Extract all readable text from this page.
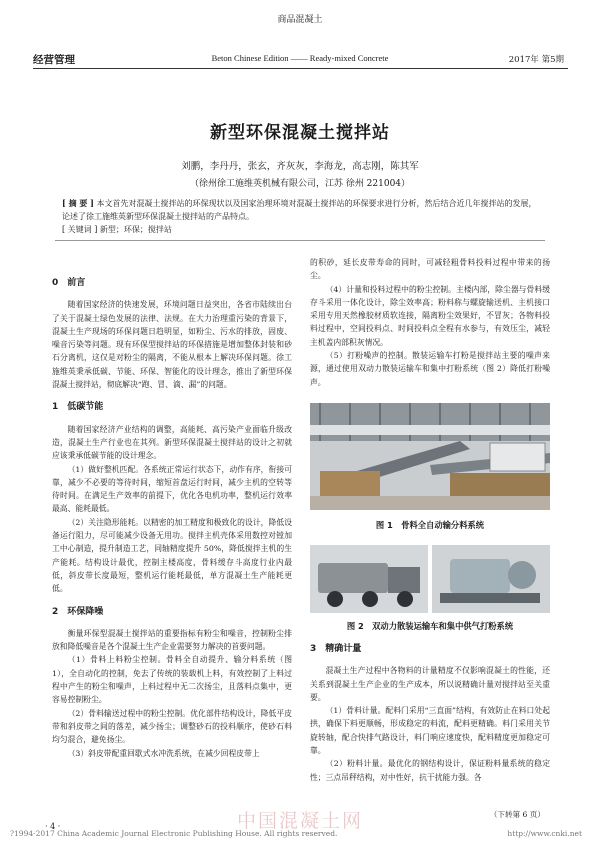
商品混凝土
经营管理	Beton Chinese Edition —— Ready-mixed Concrete	2017年 第5期
新型环保混凝土搅拌站
刘鹏，李丹丹，张玄，齐灰灰，李海龙，高志刚，陈其军
（徐州徐工施维英机械有限公司，江苏 徐州 221004）
[ 摘 要 ] 本文首先对混凝土搅拌站的环保现状以及国家治理环境对混凝土搅拌站的环保要求进行分析，然后结合近几年搅拌站的发展，论述了徐工施维英新型环保混凝土搅拌站的产品特点。
[ 关键词 ] 新型；环保；搅拌站
0　前言

随着国家经济的快速发展，环境问题日益突出，各省市陆续出台了关于混凝土绿色发展的法律、法规。在大力治理重污染的背景下，混凝土生产现场的环保问题日趋明显，如粉尘、污水的排放，固废、噪音污染等问题。现有环保型搅拌站的环保措施是增加整体封装和砂石分离机，这仅是对粉尘的隔离，不能从根本上解决环保问题。徐工施维英秉承低碳、节能、环保、智能化的设计理念，推出了新型环保混凝土搅拌站，彻底解决“跑、冒、滴、漏”的问题。

1　低碳节能

随着国家经济产业结构的调整，高能耗、高污染产业面临升级改造，混凝土生产行业也在其列。新型环保混凝土搅拌站的设计之初就应该秉承低碳节能的设计理念。

（1）做好整机匹配。各系统正常运行状态下，动作有序，衔接可靠，减少不必要的等待时间，缩短首盘运行时间，减少主机的空转等待时间。在满足生产效率的前提下，优化各电机功率，整机运行效率最高、能耗最低。

（2）关注隐形能耗。以精密的加工精度和极致化的设计，降低设备运行阻力，尽可能减少设备无用功。搅拌主机壳体采用数控对镗加工中心制造，提升制造工艺，同轴精度提升 50%，降低搅拌主机的生产能耗。结构设计最优，控制主楼高度，骨料缓存斗高度行业内最低，斜皮带长度最短，整机运行能耗最低，单方混凝土生产能耗更低。

2　环保降噪

衡量环保型混凝土搅拌站的重要指标有粉尘和噪音，控制粉尘排放和降低噪音是各个混凝土生产企业需要努力解决的首要问题。

（1）骨料上料粉尘控制。骨料全自动提升、输分料系统（图 1），全自动化的控制，免去了传统的装载机上料，有效控制了上料过程中产生的粉尘和噪声，上料过程中无二次扬尘，且落料点集中，更容易控制粉尘。

（2）骨料输送过程中的粉尘控制。优化部件结构设计，降低平皮带和斜皮带之间的落差，减少扬尘；调整砂石的投料顺序，使砂石料均匀混合，避免扬尘。

（3）斜皮带配重回歇式水冲洗系统，在减少回程皮带上

的积砂，延长皮带寿命的同时，可减轻粗骨料投料过程中带来的扬尘。

（4）计量和投料过程中的粉尘控制。主楼内部，除尘器与骨料缓存斗采用一体化设计，除尘效率高；粉料称与螺旋输送机、主机接口采用专用天然橡胶材质软连接，隔离粉尘效果好，不冒灰；各物料投料过程中，空间投料点、时间投料点全程有水参与，有效压尘，减轻主机盖内部积灰情况。

（5）打粉噪声的控制。散装运输车打粉是搅拌站主要的噪声来源，通过使用双动力散装运输车和集中打粉系统（图 2）降低打粉噪声。

图 1　骨料全自动输分料系统
图 2　双动力散装运输车和集中供气打粉系统
3　精确计量

混凝土生产过程中各物料的计量精度不仅影响混凝土的性能，还关系到混凝土生产企业的生产成本，所以说精确计量对搅拌站至关重要。

（1）骨料计量。配料门采用“三直面”结构，有效防止在料口处起拱，确保下料更顺畅，形成稳定的料流，配料更精确。料门采用关节旋转轴，配合快排气路设计，料门响应速度快，配料精度更加稳定可靠。

（2）粉料计量。最优化的钢结构设计，保证粉料量系统的稳定性；三点吊秤结构，对中性好，抗干扰能力强。各

（下转第 6 页）
中国混凝土网
· 4 ·
?1994-2017 China Academic Journal Electronic Publishing House. All rights reserved.	http://www.cnki.net
